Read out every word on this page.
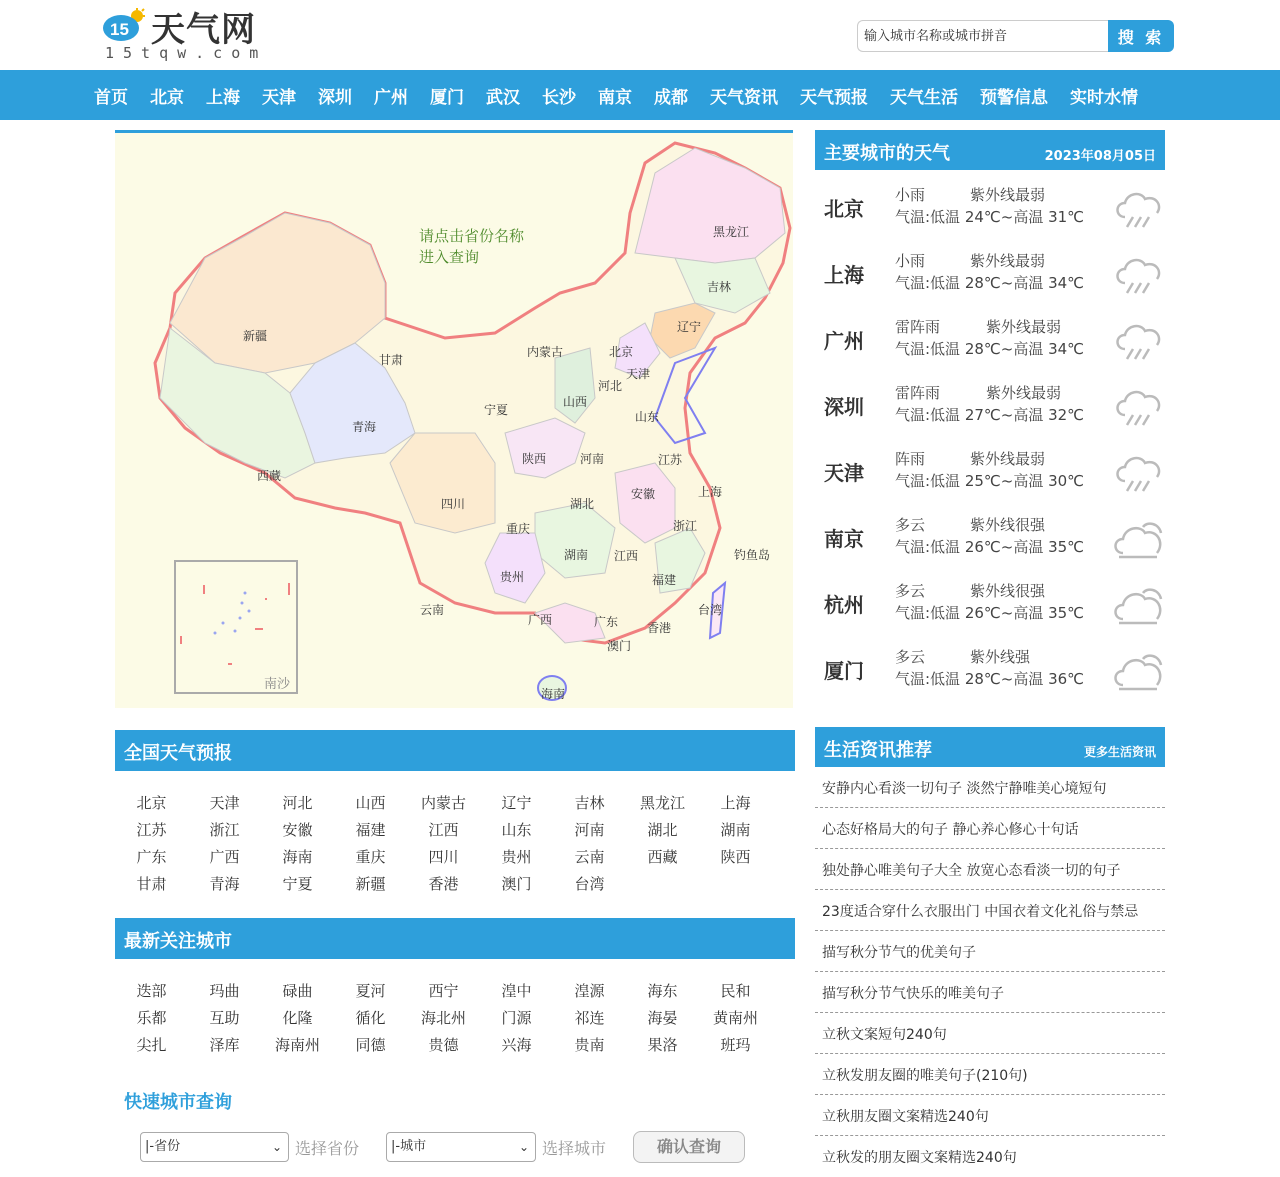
15 天气网
15tqw.com
输入城市名称或城市拼音
搜 索
首页 北京 上海 天津 深圳 广州 厦门 武汉 长沙 南京 成都 天气资讯 天气预报 天气生活 预警信息 实时水情
请点击省份名称
进入查询
南沙
黑龙江
吉林
辽宁
内蒙古	北京
天津
河北
山西
山东
新疆
甘肃
宁夏
青海
西藏
陕西	河南	江苏
上海
安徽
湖北
四川
重庆	浙江
湖南 江西	钓鱼岛
贵州	福建
云南
广西	广东
台湾
香港
澳门
海南
主要城市的天气	2023年08月05日
北京
小雨	紫外线最弱
气温:低温 24℃~高温 31℃
上海
小雨	紫外线最弱
气温:低温 28℃~高温 34℃
广州
雷阵雨	紫外线最弱
气温:低温 28℃~高温 34℃
深圳
雷阵雨	紫外线最弱
气温:低温 27℃~高温 32℃
天津
阵雨	紫外线最弱
气温:低温 25℃~高温 30℃
南京
多云	紫外线很强
气温:低温 26℃~高温 35℃
杭州
多云	紫外线很强
气温:低温 26℃~高温 35℃
厦门
多云	紫外线强
气温:低温 28℃~高温 36℃
生活资讯推荐	更多生活资讯
安静内心看淡一切句子 淡然宁静唯美心境短句
心态好格局大的句子 静心养心修心十句话
独处静心唯美句子大全 放宽心态看淡一切的句子
23度适合穿什么衣服出门 中国衣着文化礼俗与禁忌
描写秋分节气的优美句子
描写秋分节气快乐的唯美句子
立秋文案短句240句
立秋发朋友圈的唯美句子(210句)
立秋朋友圈文案精选240句
立秋发的朋友圈文案精选240句
全国天气预报
北京	天津	河北	山西	内蒙古	辽宁	吉林	黑龙江	上海
江苏	浙江	安徽	福建	江西	山东	河南	湖北	湖南
广东	广西	海南	重庆	四川	贵州	云南	西藏	陕西
甘肃	青海	宁夏	新疆	香港	澳门	台湾
最新关注城市
迭部	玛曲	碌曲	夏河	西宁	湟中	湟源	海东	民和
乐都	互助	化隆	循化	海北州	门源	祁连	海晏	黄南州
尖扎	泽库	海南州	同德	贵德	兴海	贵南	果洛	班玛
快速城市查询
|-省份	⌄ 选择省份	|-城市	⌄ 选择城市	确认查询
